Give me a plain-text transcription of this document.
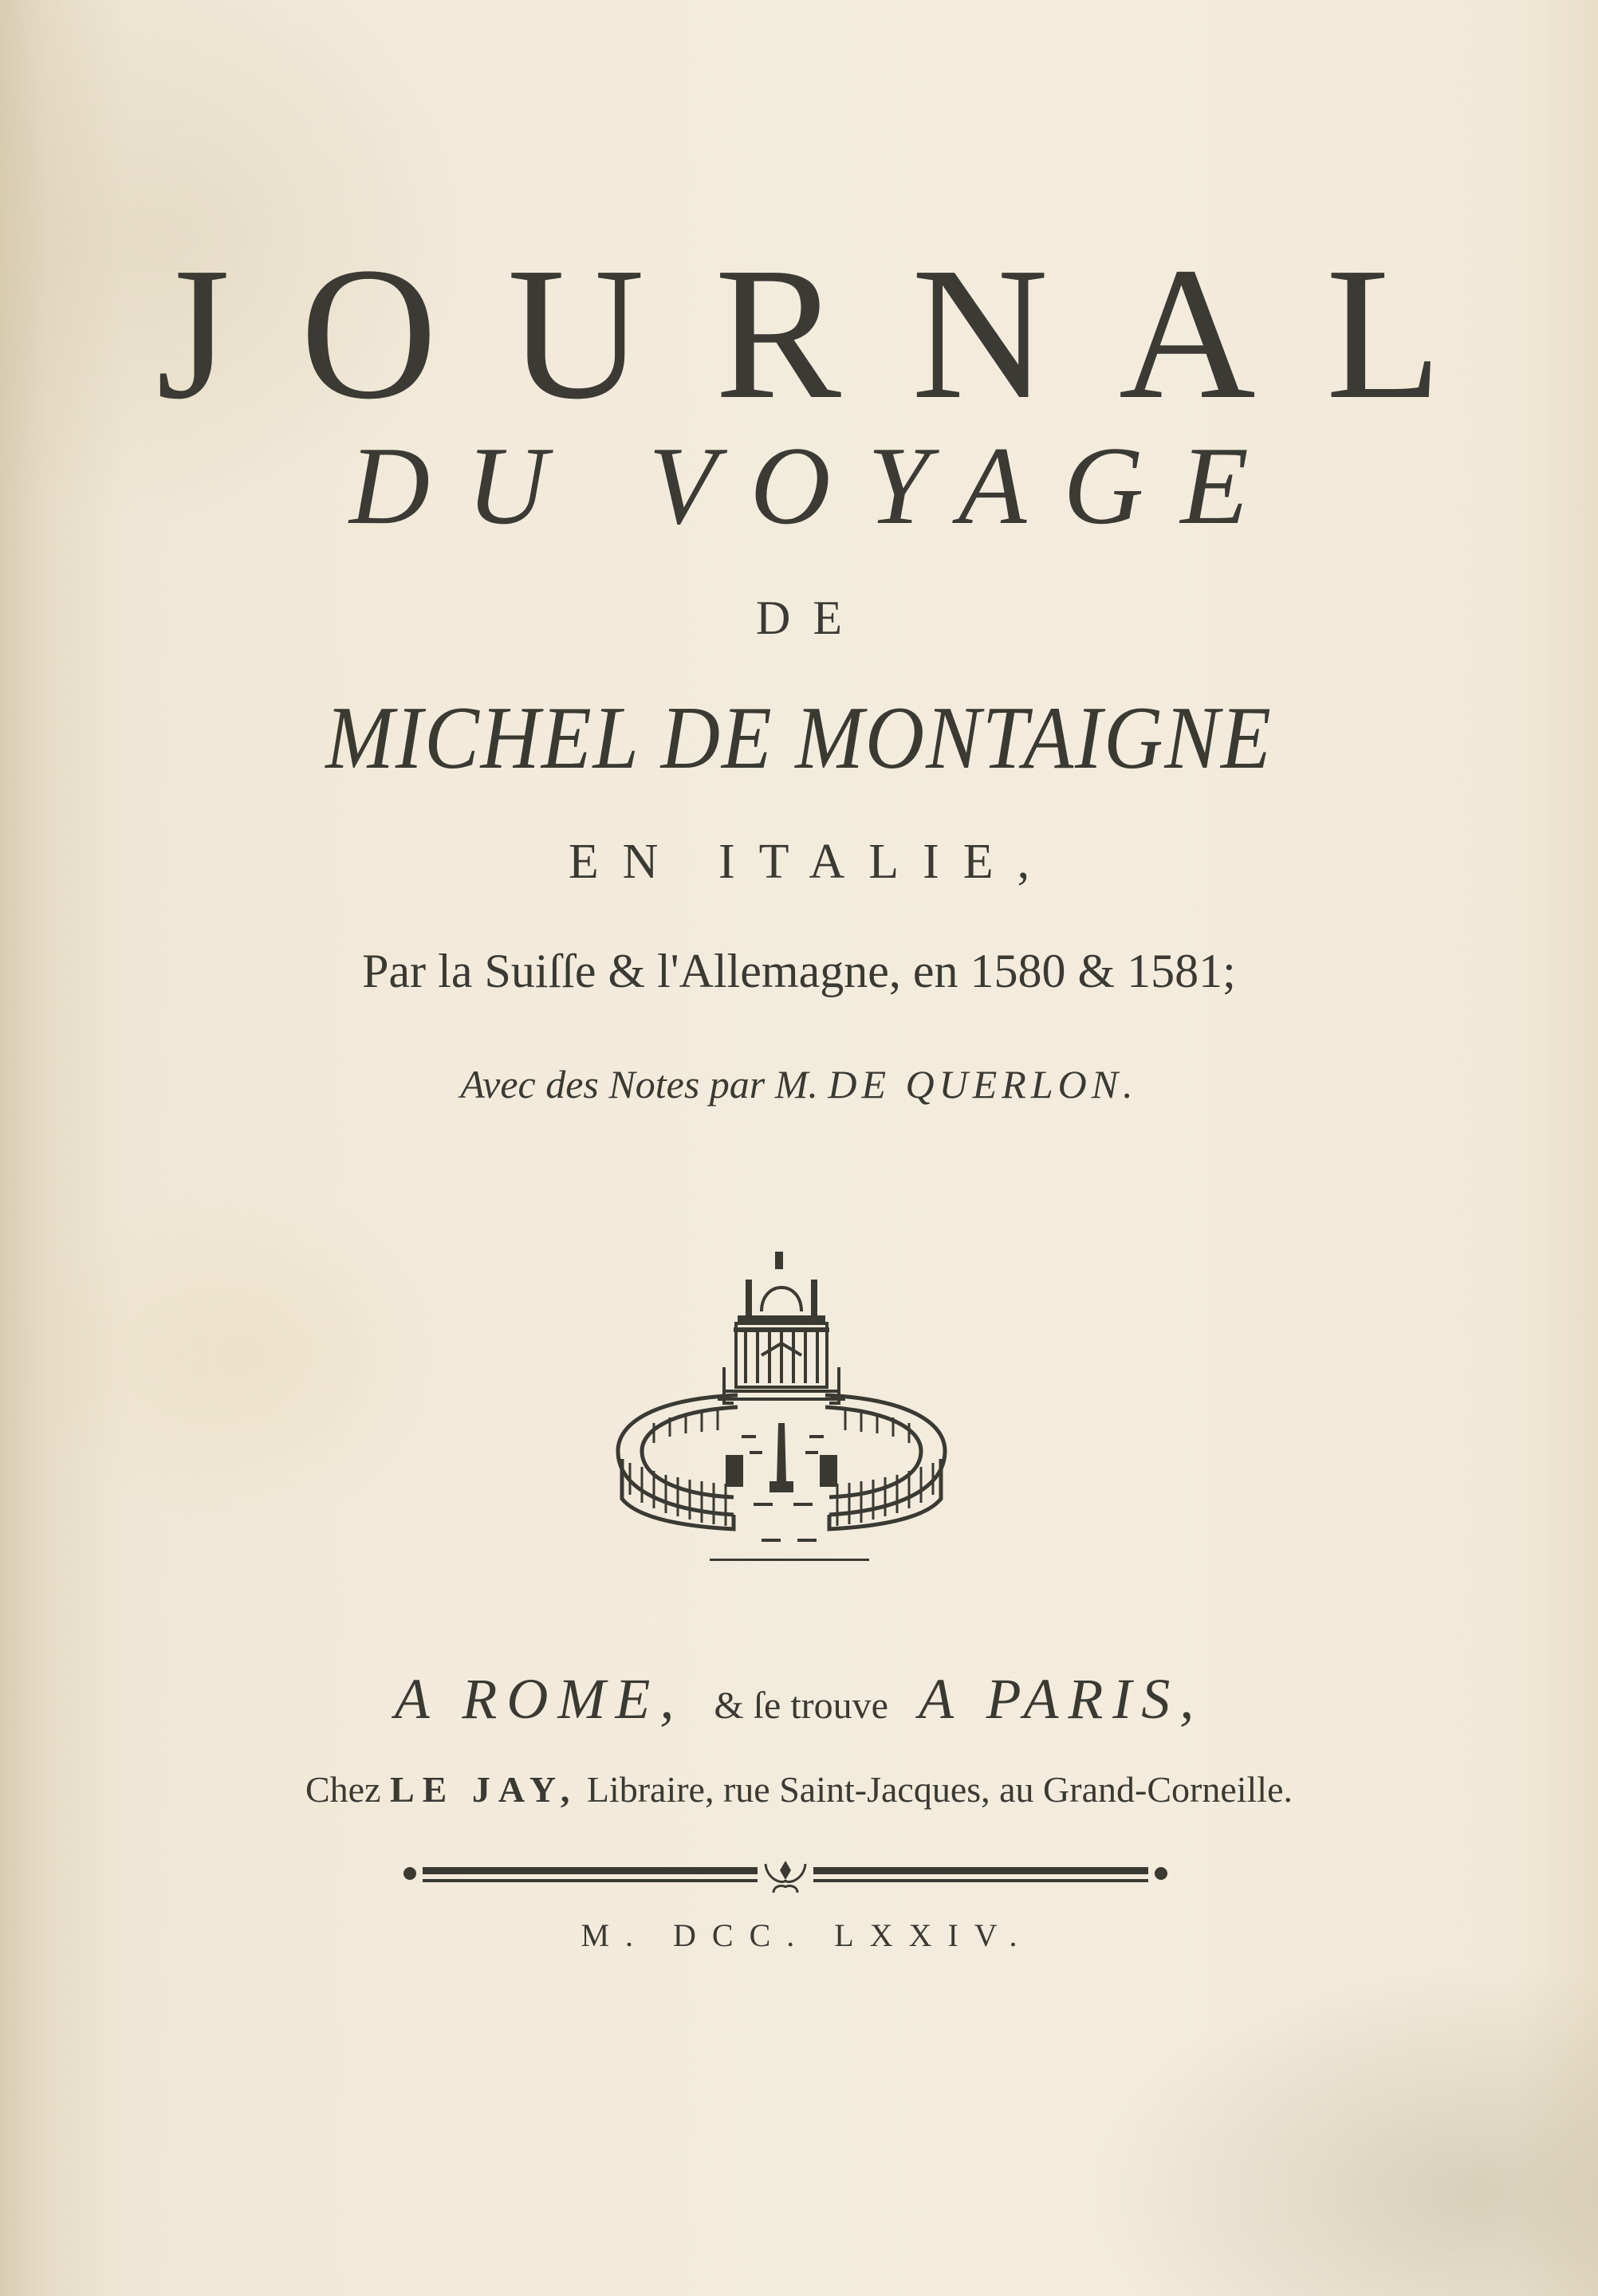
JOURNAL
DU VOYAGE
DE
MICHEL DE MONTAIGNE
EN ITALIE,
Par la Suiſſe & l'Allemagne, en 1580 & 1581;
Avec des Notes par M. DE QUERLON.
A ROME, & ſe trouve A PARIS,
Chez LE JAY, Libraire, rue Saint-Jacques, au Grand-Corneille.
M. DCC. LXXIV.
